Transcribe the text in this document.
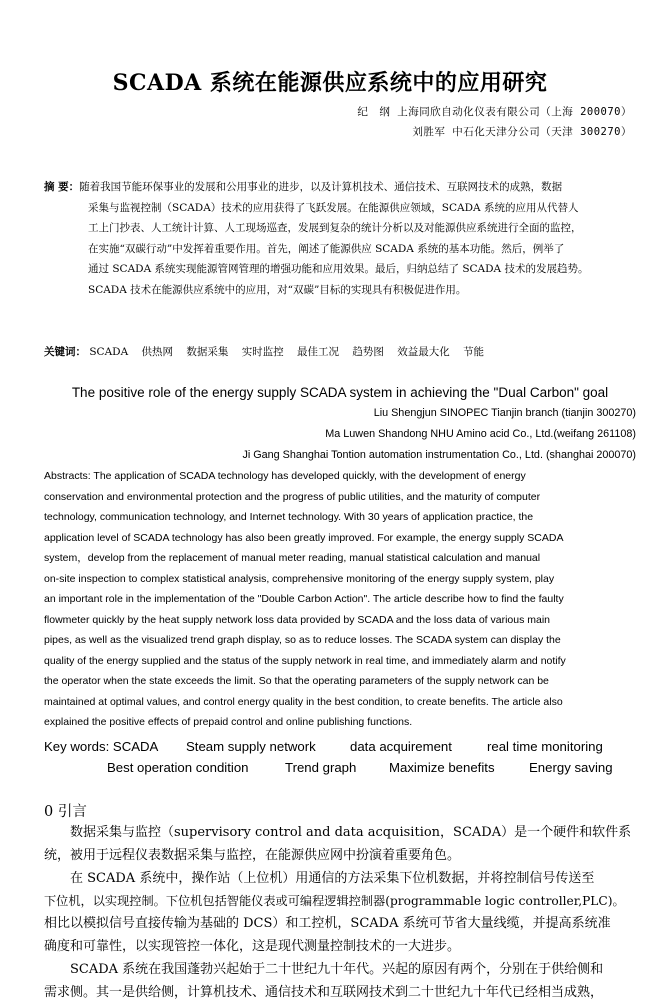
SCADA 系统在能源供应系统中的应用研究
纪　纲 上海同欣自动化仪表有限公司（上海 200070）
刘胜军 中石化天津分公司（天津 300270）
摘 要：随着我国节能环保事业的发展和公用事业的进步，以及计算机技术、通信技术、互联网技术的成熟，数据
采集与监视控制（SCADA）技术的应用获得了飞跃发展。在能源供应领域，SCADA 系统的应用从代替人
工上门抄表、人工统计计算、人工现场巡查，发展到复杂的统计分析以及对能源供应系统进行全面的监控，
在实施“双碳行动”中发挥着重要作用。首先，阐述了能源供应 SCADA 系统的基本功能。然后，例举了
通过 SCADA 系统实现能源管网管理的增强功能和应用效果。最后，归纳总结了 SCADA 技术的发展趋势。
SCADA 技术在能源供应系统中的应用，对“双碳”目标的实现具有积极促进作用。
关键词： SCADA 供热网 数据采集 实时监控 最佳工况 趋势图 效益最大化 节能
The positive role of the energy supply SCADA system in achieving the "Dual Carbon" goal
Liu Shengjun SINOPEC Tianjin branch (tianjin 300270)
Ma Luwen Shandong NHU Amino acid Co., Ltd.(weifang 261108)
Ji Gang Shanghai Tontion automation instrumentation Co., Ltd. (shanghai 200070)
Abstracts: The application of SCADA technology has developed quickly, with the development of energy
conservation and environmental protection and the progress of public utilities, and the maturity of computer
technology, communication technology, and Internet technology. With 30 years of application practice, the
application level of SCADA technology has also been greatly improved. For example, the energy supply SCADA
system，develop from the replacement of manual meter reading, manual statistical calculation and manual
on-site inspection to complex statistical analysis, comprehensive monitoring of the energy supply system, play
an important role in the implementation of the "Double Carbon Action". The article describe how to find the faulty
flowmeter quickly by the heat supply network loss data provided by SCADA and the loss data of various main
pipes, as well as the visualized trend graph display, so as to reduce losses. The SCADA system can display the
quality of the energy supplied and the status of the supply network in real time, and immediately alarm and notify
the operator when the state exceeds the limit. So that the operating parameters of the supply network can be
maintained at optimal values, and control energy quality in the best condition, to create benefits. The article also
explained the positive effects of prepaid control and online publishing functions.
Key words: SCADA Steam supply network	data acquirement	real time monitoring
Best operation condition	Trend graph Maximize benefits	Energy saving
0 引言
数据采集与监控（supervisory control and data acquisition，SCADA）是一个硬件和软件系
统，被用于远程仪表数据采集与监控，在能源供应网中扮演着重要角色。
在 SCADA 系统中，操作站（上位机）用通信的方法采集下位机数据，并将控制信号传送至
下位机，以实现控制。下位机包括智能仪表或可编程逻辑控制器(programmable logic controller,PLC)。
相比以模拟信号直接传输为基础的 DCS）和工控机，SCADA 系统可节省大量线缆，并提高系统准
确度和可靠性，以实现管控一体化，这是现代测量控制技术的一大进步。
SCADA 系统在我国蓬勃兴起始于二十世纪九十年代。兴起的原因有两个，分别在于供给侧和
需求侧。其一是供给侧，计算机技术、通信技术和互联网技术到二十世纪九十年代已经相当成熟，
